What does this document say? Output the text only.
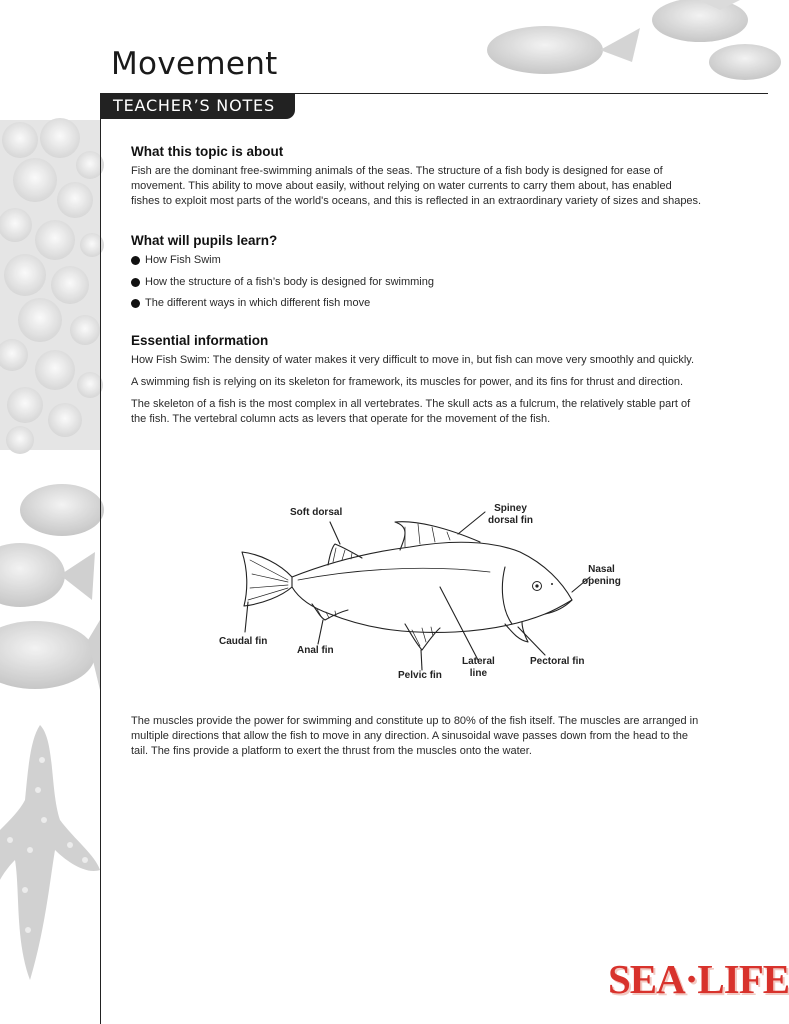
Movement
TEACHER’S NOTES
What this topic is about

Fish are the dominant free-swimming animals of the seas. The structure of a fish body is designed for ease of movement. This ability to move about easily, without relying on water currents to carry them about, has enabled fishes to exploit most parts of the world's oceans, and this is reflected in an extraordinary variety of sizes and shapes.

What will pupils learn?
How Fish Swim
How the structure of a fish’s body is designed for swimming
The different ways in which different fish move
Essential information

How Fish Swim: The density of water makes it very difficult to move in, but fish can move very smoothly and quickly.

A swimming fish is relying on its skeleton for framework, its muscles for power, and its fins for thrust and direction.

The skeleton of a fish is the most complex in all vertebrates. The skull acts as a fulcrum, the relatively stable part of the fish. The vertebral column acts as levers that operate for the movement of the fish.

Soft dorsal	Spiney
dorsal fin
Nasal
opening
Caudal fin
Anal fin
Pelvic fin
Lateral
line
Pectoral fin

The muscles provide the power for swimming and constitute up to 80% of the fish itself. The muscles are arranged in multiple directions that allow the fish to move in any direction. A sinusoidal wave passes down from the head to the tail. The fins provide a platform to exert the thrust from the muscles onto the water.

SEA·LIFE
